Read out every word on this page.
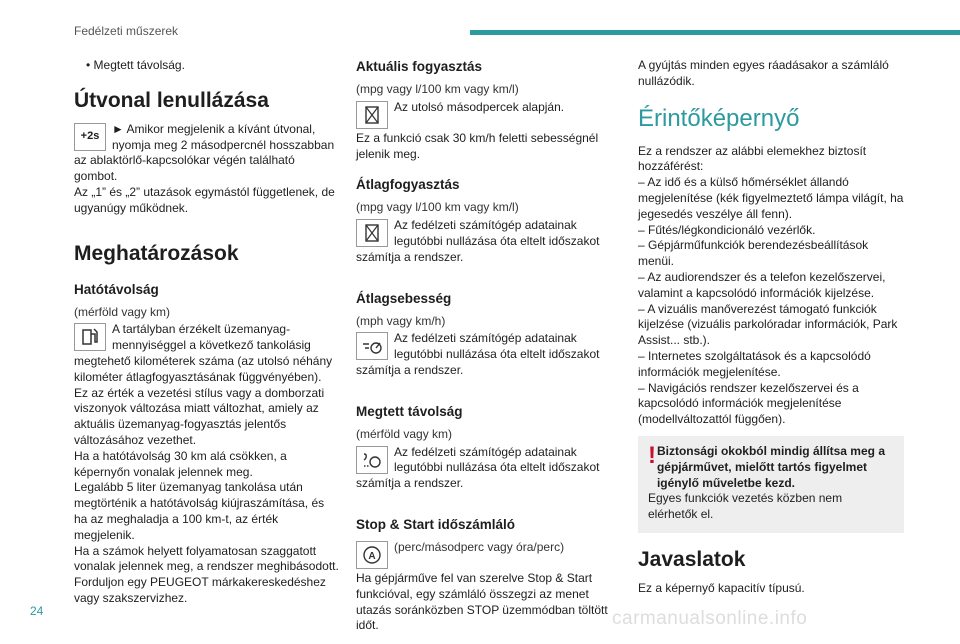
Fedélzeti műszerek

• Megtett távolság.

Útvonal lenullázása
+2s

► Amikor megjelenik a kívánt útvonal, nyomja meg 2 másodpercnél hosszabban az ablaktörlő-kapcsolókar végén található gombot.

Az „1” és „2” utazások egymástól függetlenek, de ugyanúgy működnek.

Meghatározások
Hatótávolság

(mérföld vagy km)

A tartályban érzékelt üzemanyag-mennyiséggel a következő tankolásig megtehető kilométerek száma (az utolsó néhány kilométer átlagfogyasztásának függvényében).

Ez az érték a vezetési stílus vagy a domborzati viszonyok változása miatt változhat, amiely az aktuális üzemanyag-fogyasztás jelentős változásához vezethet.

Ha a hatótávolság 30 km alá csökken, a képernyőn vonalak jelennek meg.

Legalább 5 liter üzemanyag tankolása után megtörténik a hatótávolság kiújraszámítása, és ha az meghaladja a 100 km-t, az érték megjelenik.

Ha a számok helyett folyamatosan szaggatott vonalak jelennek meg, a rendszer meghibásodott.

Forduljon egy PEUGEOT márkakereskedéshez vagy szakszervizhez.

Aktuális fogyasztás

(mpg vagy l/100 km vagy km/l)

Az utolsó másodpercek alapján.

Ez a funkció csak 30 km/h feletti sebességnél jelenik meg.

Átlagfogyasztás

(mpg vagy l/100 km vagy km/l)

Az fedélzeti számítógép adatainak legutóbbi nullázása óta eltelt időszakot számítja a rendszer.

Átlagsebesség

(mph vagy km/h)

Az fedélzeti számítógép adatainak legutóbbi nullázása óta eltelt időszakot számítja a rendszer.

Megtett távolság

(mérföld vagy km)

Az fedélzeti számítógép adatainak legutóbbi nullázása óta eltelt időszakot számítja a rendszer.

Stop & Start időszámláló
A

(perc/másodperc vagy óra/perc)

Ha gépjárműve fel van szerelve Stop & Start funkcióval, egy számláló összegzi az menet utazás soránközben STOP üzemmódban töltött időt.

A gyújtás minden egyes ráadásakor a számláló nullázódik.

Érintőképernyő

Ez a rendszer az alábbi elemekhez biztosít hozzáférést:

– Az idő és a külső hőmérséklet állandó megjelenítése (kék figyelmeztető lámpa világít, ha jegesedés veszélye áll fenn).
– Fűtés/légkondicionáló vezérlők.
– Gépjárműfunkciók berendezésbeállítások menüi.
– Az audiorendszer és a telefon kezelőszervei, valamint a kapcsolódó információk kijelzése.
– A vizuális manőverezést támogató funkciók kijelzése (vizuális parkolóradar információk, Park Assist... stb.).
– Internetes szolgáltatások és a kapcsolódó információk megjelenítése.
– Navigációs rendszer kezelőszervei és a kapcsolódó információk megjelenítése (modellváltozattól függően).
! Biztonsági okokból mindig állítsa meg a gépjárművet, mielőtt tartós figyelmet igénylő műveletbe kezd.
Egyes funkciók vezetés közben nem elérhetők el.
Javaslatok

Ez a képernyő kapacitív típusú.

24	carmanualsonline.info
